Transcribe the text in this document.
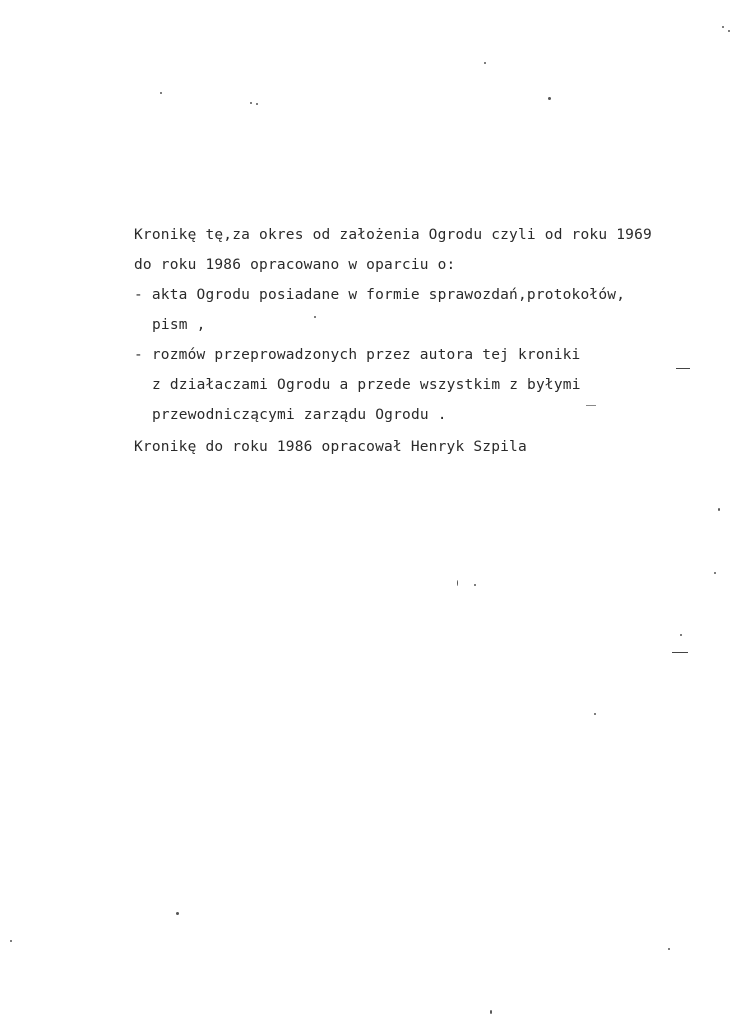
Kronikę tę,za okres od założenia Ogrodu czyli od roku 1969
do roku 1986 opracowano w oparciu o:
- akta Ogrodu posiadane w formie sprawozdań,protokołów,
pism ,
- rozmów przeprowadzonych przez autora tej kroniki
z działaczami Ogrodu a przede wszystkim z byłymi
przewodniczącymi zarządu Ogrodu .
Kronikę do roku 1986 opracował Henryk Szpila
